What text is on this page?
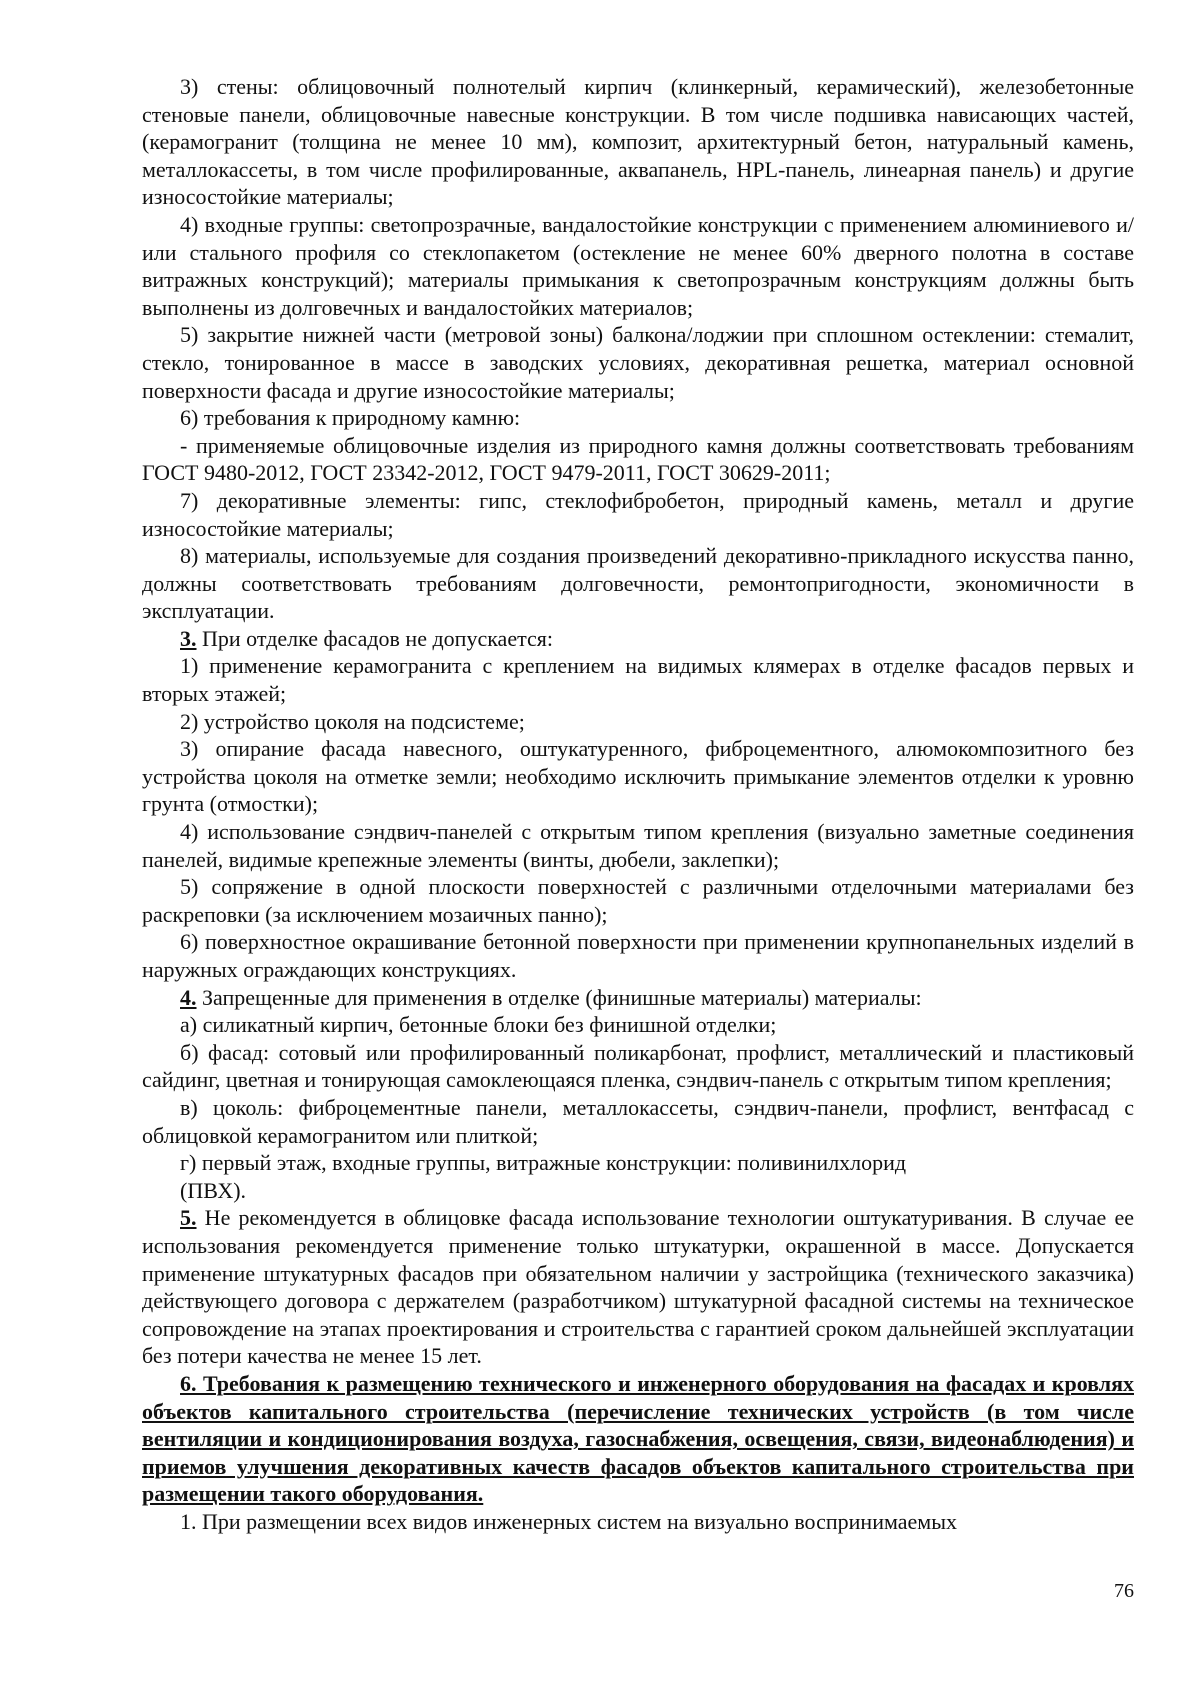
3) стены: облицовочный полнотелый кирпич (клинкерный, керамический), железобетонные стеновые панели, облицовочные навесные конструкции. В том числе подшивка нависающих частей, (керамогранит (толщина не менее 10 мм), композит, архитектурный бетон, натуральный камень, металлокассеты, в том числе профилированные, аквапанель, HPL-панель, линеарная панель) и другие износостойкие материалы;

4) входные группы: светопрозрачные, вандалостойкие конструкции с применением алюминиевого и/или стального профиля со стеклопакетом (остекление не менее 60% дверного полотна в составе витражных конструкций); материалы примыкания к светопрозрачным конструкциям должны быть выполнены из долговечных и вандалостойких материалов;

5) закрытие нижней части (метровой зоны) балкона/лоджии при сплошном остеклении: стемалит, стекло, тонированное в массе в заводских условиях, декоративная решетка, материал основной поверхности фасада и другие износостойкие материалы;

6) требования к природному камню:

- применяемые облицовочные изделия из природного камня должны соответствовать требованиям ГОСТ 9480-2012, ГОСТ 23342-2012, ГОСТ 9479-2011, ГОСТ 30629-2011;

7) декоративные элементы: гипс, стеклофибробетон, природный камень, металл и другие износостойкие материалы;

8) материалы, используемые для создания произведений декоративно-прикладного искусства панно, должны соответствовать требованиям долговечности, ремонтопригодности, экономичности в эксплуатации.

3. При отделке фасадов не допускается:

1) применение керамогранита с креплением на видимых клямерах в отделке фасадов первых и вторых этажей;

2) устройство цоколя на подсистеме;

3) опирание фасада навесного, оштукатуренного, фиброцементного, алюмокомпозитного без устройства цоколя на отметке земли; необходимо исключить примыкание элементов отделки к уровню грунта (отмостки);

4) использование сэндвич-панелей с открытым типом крепления (визуально заметные соединения панелей, видимые крепежные элементы (винты, дюбели, заклепки);

5) сопряжение в одной плоскости поверхностей с различными отделочными материалами без раскреповки (за исключением мозаичных панно);

6) поверхностное окрашивание бетонной поверхности при применении крупнопанельных изделий в наружных ограждающих конструкциях.

4. Запрещенные для применения в отделке (финишные материалы) материалы:

а) силикатный кирпич, бетонные блоки без финишной отделки;

б) фасад: сотовый или профилированный поликарбонат, профлист, металлический и пластиковый сайдинг, цветная и тонирующая самоклеющаяся пленка, сэндвич-панель с открытым типом крепления;

в) цоколь: фиброцементные панели, металлокассеты, сэндвич-панели, профлист, вентфасад с облицовкой керамогранитом или плиткой;

г) первый этаж, входные группы, витражные конструкции: поливинилхлорид

(ПВХ).

5. Не рекомендуется в облицовке фасада использование технологии оштукатуривания. В случае ее использования рекомендуется применение только штукатурки, окрашенной в массе. Допускается применение штукатурных фасадов при обязательном наличии у застройщика (технического заказчика) действующего договора с держателем (разработчиком) штукатурной фасадной системы на техническое сопровождение на этапах проектирования и строительства с гарантией сроком дальнейшей эксплуатации без потери качества не менее 15 лет.

6. Требования к размещению технического и инженерного оборудования на фасадах и кровлях объектов капитального строительства (перечисление технических устройств (в том числе вентиляции и кондиционирования воздуха, газоснабжения, освещения, связи, видеонаблюдения) и приемов улучшения декоративных качеств фасадов объектов капитального строительства при размещении такого оборудования.

1. При размещении всех видов инженерных систем на визуально воспринимаемых

76
